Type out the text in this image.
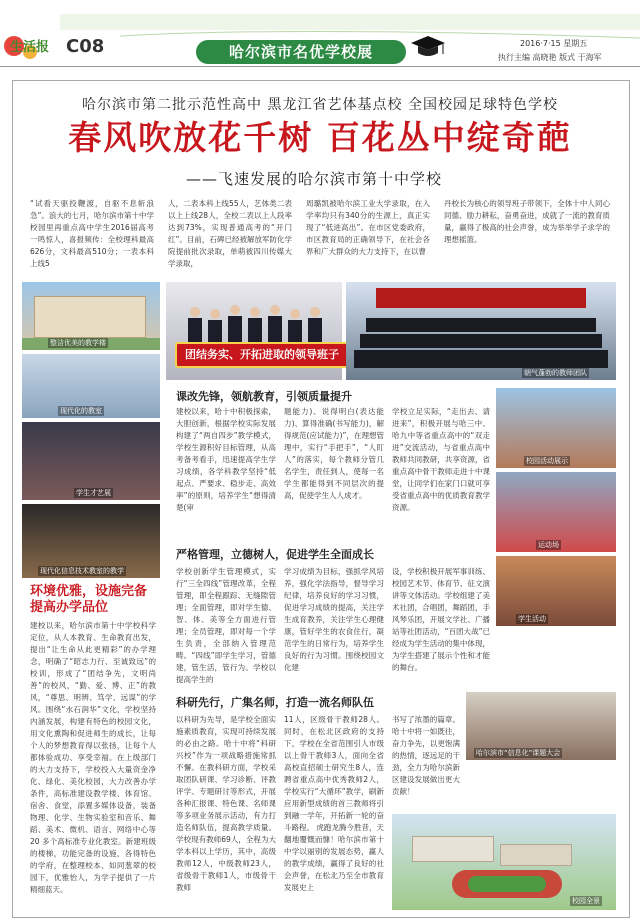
生活报 C08	哈尔滨市名优学校展	2016·7·15 星期五
执行主编 高晓艳 版式 于海军
哈尔滨市第二批示范性高中 黑龙江省艺体基点校 全国校园足球特色学校
春风吹放花千树 百花丛中绽奇葩
——飞速发展的哈尔滨市第十中学校
“试看天驱投鞭渡，自驱不息斩浪急”。浪大的七月，哈尔滨市第十中学校园里再重点高中学生2016届高考一鸣惊人，喜报频传：全校理科最高626分，文科最高510分；一表本科上线5
人，二表本科上线55人，艺体类二表以上上线28人，全校二表以上人段率达到73%，实现普通高考的“开门红”。目前，石碑已经被解放军防化学院提前批次录取，单萌被四川传媒大学录取，
周璐凯被哈尔滨工业大学录取，在入学率均只有340分的生源上，真正实现了“低进高出”。在市区党委政府，市区教育局的正确领导下，在社会各界和广大群众的大力支持下，在以曹
丹校长为核心的领导班子带领下，全体十中人同心同德、励力耕耘，奋勇奋进，成就了一流的教育质量，赢得了极高的社会声誉，成为举举学子求学的理想摇篮。
整洁优美的教学楼
现代化的教室
学生才艺展
现代化信息技术教室的教学
团结务实、开拓进取的领导班子
朝气蓬勃的教师团队
校园活动展示
运动场
学生活动
哈尔滨市“信息化”课题大会
环境优雅，设施完备提高办学品位
建校以来，哈尔滨市第十中学校科学定位，从人本教育、生命教育出发，提出“让生命从此更精彩”的办学理念，明确了“昭志力行、至诚致远”的校训，形成了“团结争先，文明尚善”的校风，“勤、爱、博、正”的教风，“尊思、明辨、笃学、远谋”的学风。围绕“水石润华”文化，学校坚持内涵发展，构建有特色的校园文化，用文化熏陶和促进师生的成长，让每个人的梦想教育得以张扬，让每个人都体验成功、享受幸福。在上级部门的大力支持下，学校投入大量资金净化、绿化、美化校园，大力改善办学条件，高标准建设教学楼、体育馆、宿舍、食堂，添置多媒体设备，装备物理、化学、生物实验室和音乐、舞蹈、美术、微机、语言、网络中心等 20 多个高标准专业化教室。新建班级的楼梯，功能完备的设施，各得特色的学府，在整理校本、如同葱翠的校园下，优雅怡人，为学子提供了一片精细蓝天。
课改先锋，领航教育，引领质量提升
建校以来，哈十中积极探索，大胆创新，根据学校实际发展构建了“两自四步”教学模式，学校生源积好目标管理，从高考备考看手，迅速提高学生学习成绩，各学科教学坚持“低起点、严要求、稳步走、高效率”的原则，培养学生“想得清楚(审
题能力)、说得明白(表达能力)、算得准确(书写能力)，解得规范(应试能力)”，在理想管理中，实行“手把手”，“人盯人”的落实，每个教师分管几名学生，责任到人，使每一名学生都能得到不同层次的提高，促使学生人人成才。
学校立足实际，“走出去、请进来”，积极开展与哈三中、哈九中等省重点高中的“双走进”交流活动，与省重点高中教师共同教研，共享资源，省重点高中骨干教师走进十中课堂，让同学们在家门口就可享受省重点高中的优质教育教学资源。
严格管理，立德树人，促进学生全面成长
学校创新学生管理模式，实行“三全四线”管理改革，全程管理，即全程跟踪、无缝隙管理；全面管理，即对学生德、智、体、美等全方面进行管理；全员管理，即对每一个学生负责，全部纳入管理范畴。“四线”即学生学习，管德建，管生活，管行为。学校以提高学生的
学习成绩为目标，强抓学风培养，强化学法指导，督导学习纪律，培养良好的学习习惯，促进学习成绩的提高，关注学生成育教养，关注学生心理健康，管好学生的农食住行，凝范学生的日常行为，培养学生良好的行为习惯。围绕校园文化建
设，学校积极开展军事训练、校园艺术节、体育节、征文演讲等文体活动。学校组建了美术社团，合唱团，舞蹈团，手风琴乐团，开展文学社、广播站等社团活动，“百团大战”已经成为学生活动的集中体现，为学生搭建了展示个性和才能的舞台。
科研先行，广集名师，打造一流名师队伍
以科研为先导，是学校全面实施素质教育，实现可持续发展的必由之路。哈十中将“科研兴校”作为一项战略措施常抓不懈。在教科研方面，学校采取团队研课、学习诊断、评教评学、专题研讨等形式，开展各种汇报课、特色课、名师课等多项业务展示活动，有力打造名师队伍，提高教学质量。学校现有教师69人，全程为大学本科以上学历，其中，高级教师12人，中级教师23人，省级骨干教师1人，市级骨干教师
11人，区级骨干教师28人。同时，在松北区政府的支持下，学校在全省范围引人市级以上骨干教师3人，面向全省高校直招硕士研究生8人，连聘省重点高中优秀教师2人，学校实行“大循环”教学，刷新应用新型成绩的首三教师将引到融一学年，开拓新一轮的奋斗路程。 虎跑龙腾今胜昔，天翻地覆慨而慷！哈尔滨市第十中学以丽别的发展态势，赢人的教学成绩，赢得了良好的社会声誉，在松北乃至全市教育发展史上
书写了浓墨的篇章。哈十中将一如既往，奋力争先，以更饱满的热情，逐远足的干劲，全力为哈尔滨新区建设发展做出更大贡献！
校园全景
